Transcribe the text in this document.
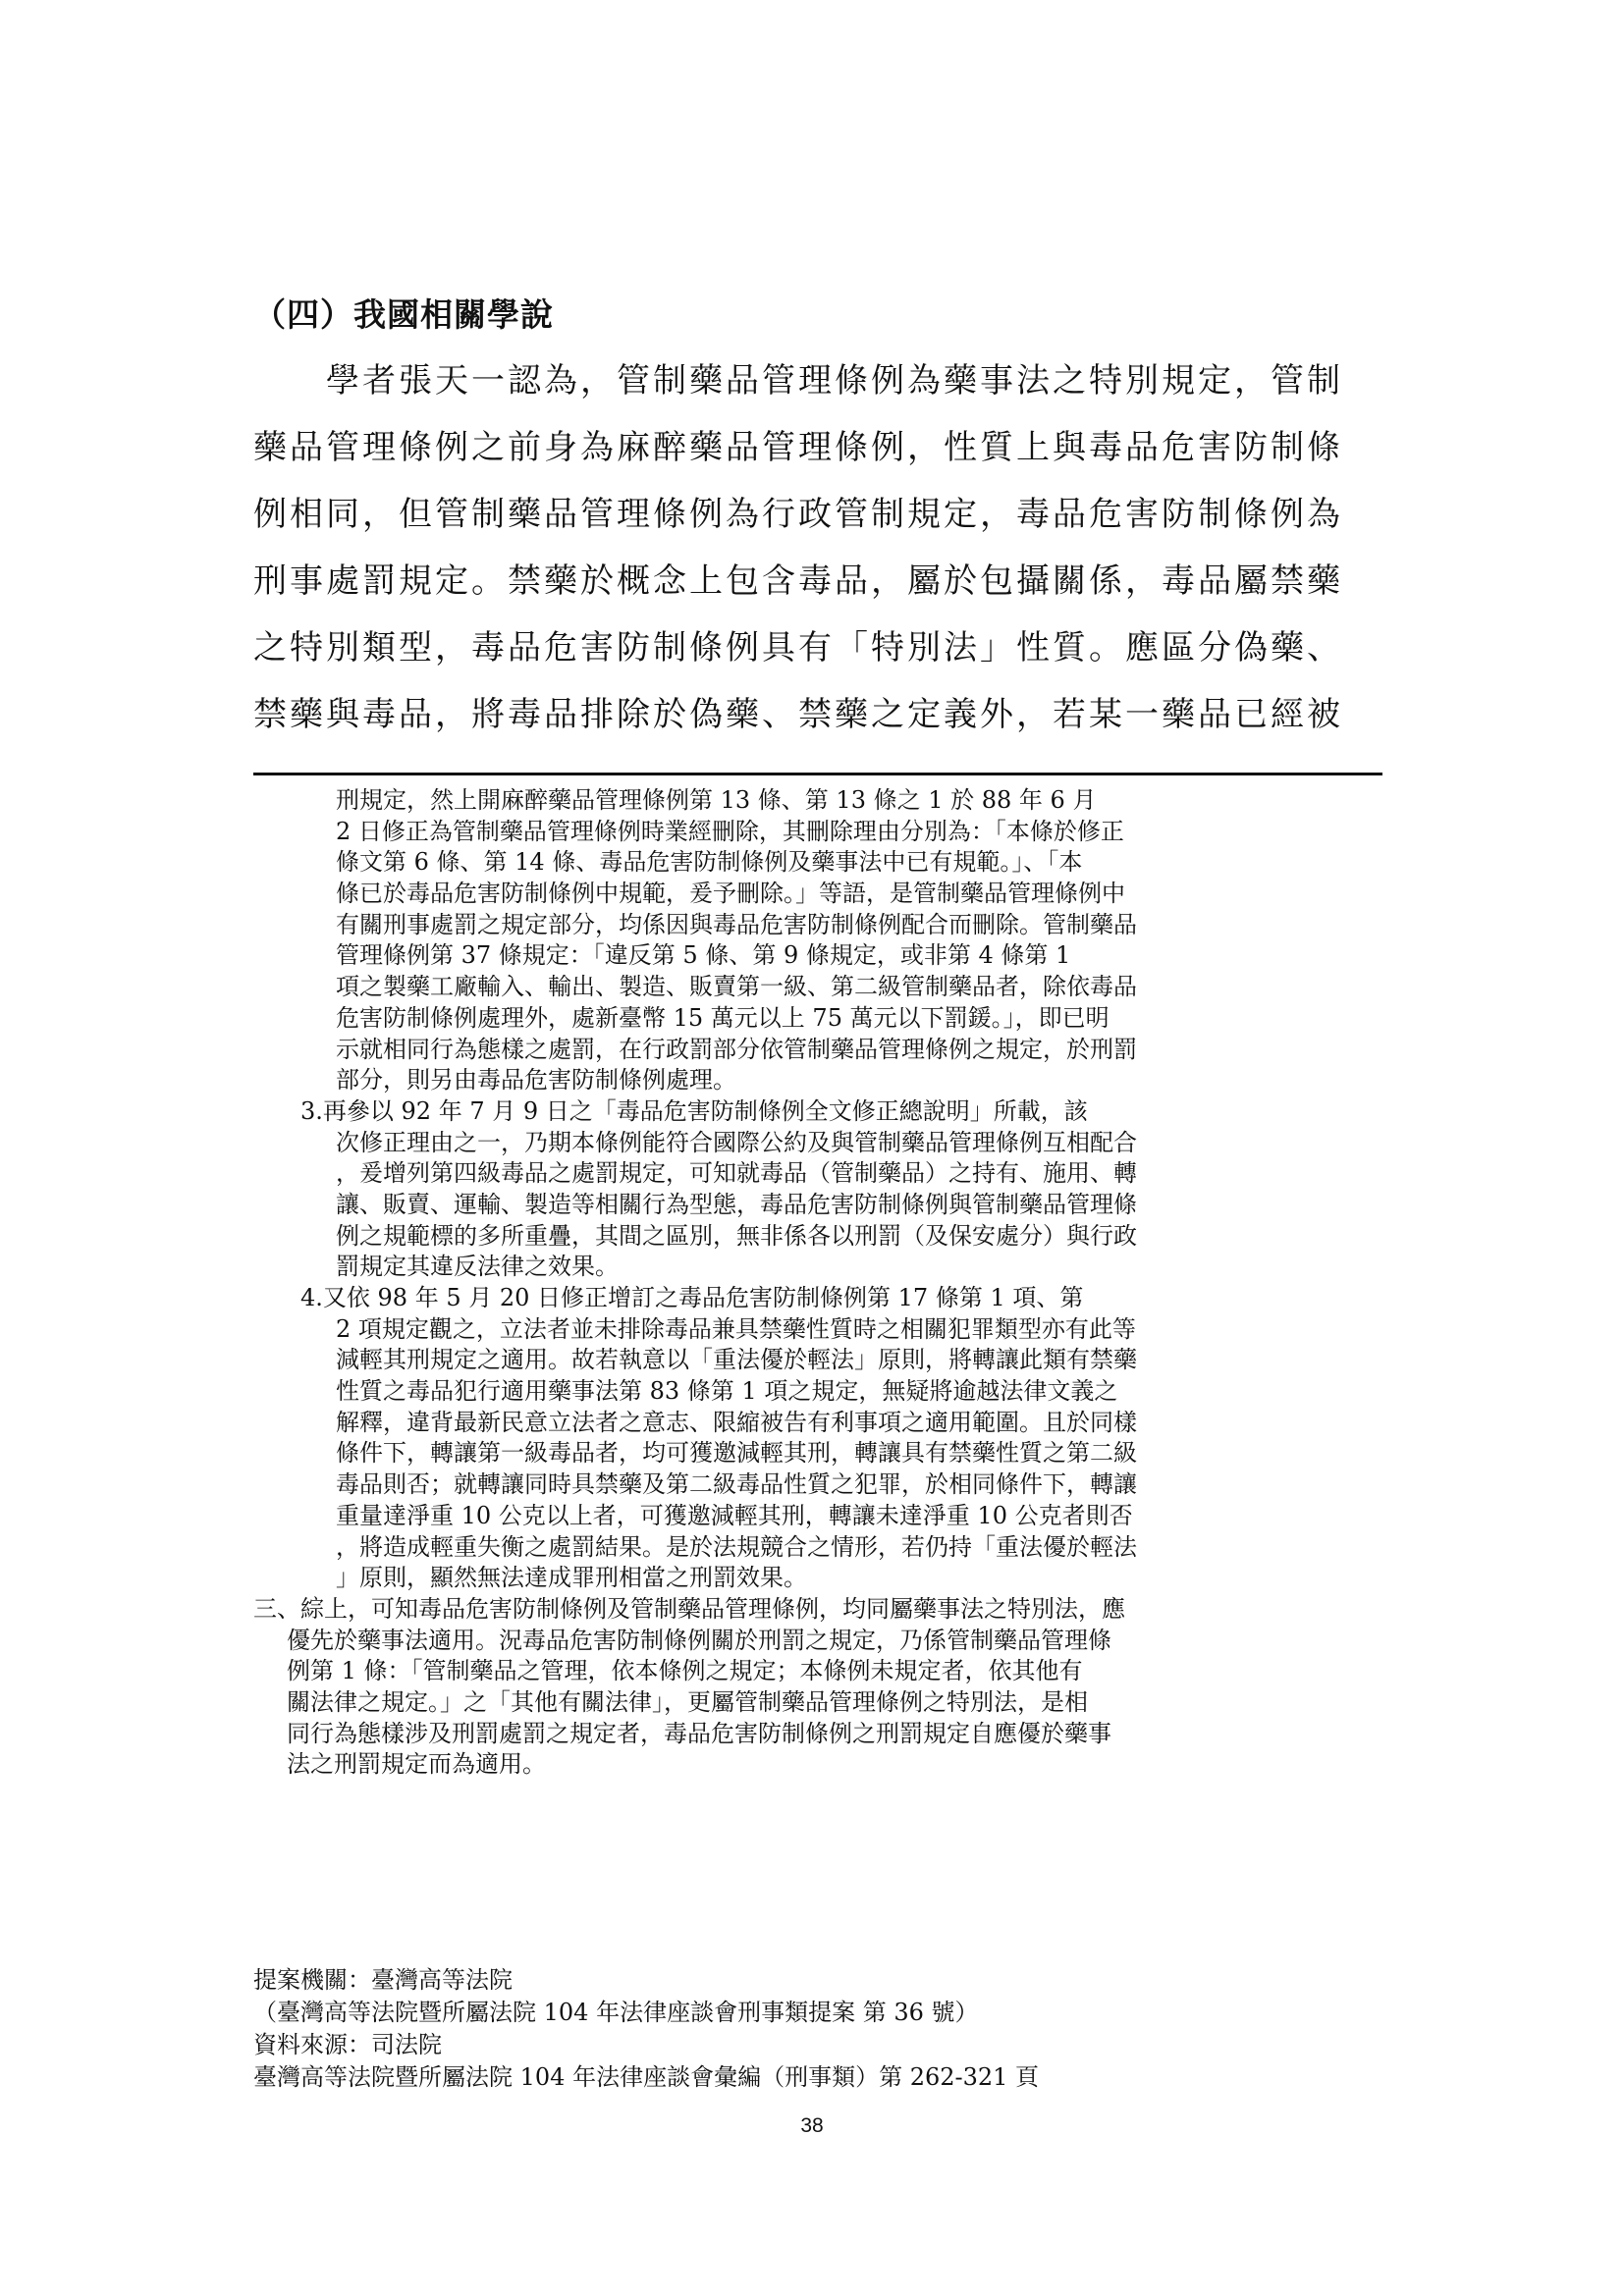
（四）我國相關學說
學者張天一認為，管制藥品管理條例為藥事法之特別規定，管制
藥品管理條例之前身為麻醉藥品管理條例，性質上與毒品危害防制條
例相同，但管制藥品管理條例為行政管制規定，毒品危害防制條例為
刑事處罰規定。禁藥於概念上包含毒品，屬於包攝關係，毒品屬禁藥
之特別類型，毒品危害防制條例具有「特別法」性質。應區分偽藥、
禁藥與毒品，將毒品排除於偽藥、禁藥之定義外，若某一藥品已經被
刑規定，然上開麻醉藥品管理條例第 13 條、第 13 條之 1 於 88 年 6 月
2 日修正為管制藥品管理條例時業經刪除，其刪除理由分別為：「本條於修正
條文第 6 條、第 14 條、毒品危害防制條例及藥事法中已有規範。」、「本
條已於毒品危害防制條例中規範，爰予刪除。」等語，是管制藥品管理條例中
有關刑事處罰之規定部分，均係因與毒品危害防制條例配合而刪除。管制藥品
管理條例第 37 條規定：「違反第 5 條、第 9 條規定，或非第 4 條第 1
項之製藥工廠輸入、輸出、製造、販賣第一級、第二級管制藥品者，除依毒品
危害防制條例處理外，處新臺幣 15 萬元以上 75 萬元以下罰鍰。」，即已明
示就相同行為態樣之處罰，在行政罰部分依管制藥品管理條例之規定，於刑罰
部分，則另由毒品危害防制條例處理。
3.再參以 92 年 7 月 9 日之「毒品危害防制條例全文修正總說明」所載，該
次修正理由之一，乃期本條例能符合國際公約及與管制藥品管理條例互相配合
，爰增列第四級毒品之處罰規定，可知就毒品（管制藥品）之持有、施用、轉
讓、販賣、運輸、製造等相關行為型態，毒品危害防制條例與管制藥品管理條
例之規範標的多所重疊，其間之區別，無非係各以刑罰（及保安處分）與行政
罰規定其違反法律之效果。
4.又依 98 年 5 月 20 日修正增訂之毒品危害防制條例第 17 條第 1 項、第
2 項規定觀之，立法者並未排除毒品兼具禁藥性質時之相關犯罪類型亦有此等
減輕其刑規定之適用。故若執意以「重法優於輕法」原則，將轉讓此類有禁藥
性質之毒品犯行適用藥事法第 83 條第 1 項之規定，無疑將逾越法律文義之
解釋，違背最新民意立法者之意志、限縮被告有利事項之適用範圍。且於同樣
條件下，轉讓第一級毒品者，均可獲邀減輕其刑，轉讓具有禁藥性質之第二級
毒品則否；就轉讓同時具禁藥及第二級毒品性質之犯罪，於相同條件下，轉讓
重量達淨重 10 公克以上者，可獲邀減輕其刑，轉讓未達淨重 10 公克者則否
，將造成輕重失衡之處罰結果。是於法規競合之情形，若仍持「重法優於輕法
」原則，顯然無法達成罪刑相當之刑罰效果。
三、綜上，可知毒品危害防制條例及管制藥品管理條例，均同屬藥事法之特別法，應
優先於藥事法適用。況毒品危害防制條例關於刑罰之規定，乃係管制藥品管理條
例第 1 條：「管制藥品之管理，依本條例之規定；本條例未規定者，依其他有
關法律之規定。」之「其他有關法律」，更屬管制藥品管理條例之特別法，是相
同行為態樣涉及刑罰處罰之規定者，毒品危害防制條例之刑罰規定自應優於藥事
法之刑罰規定而為適用。
提案機關：臺灣高等法院
（臺灣高等法院暨所屬法院 104 年法律座談會刑事類提案 第 36 號）
資料來源：司法院
臺灣高等法院暨所屬法院 104 年法律座談會彙編（刑事類）第 262-321 頁
38
